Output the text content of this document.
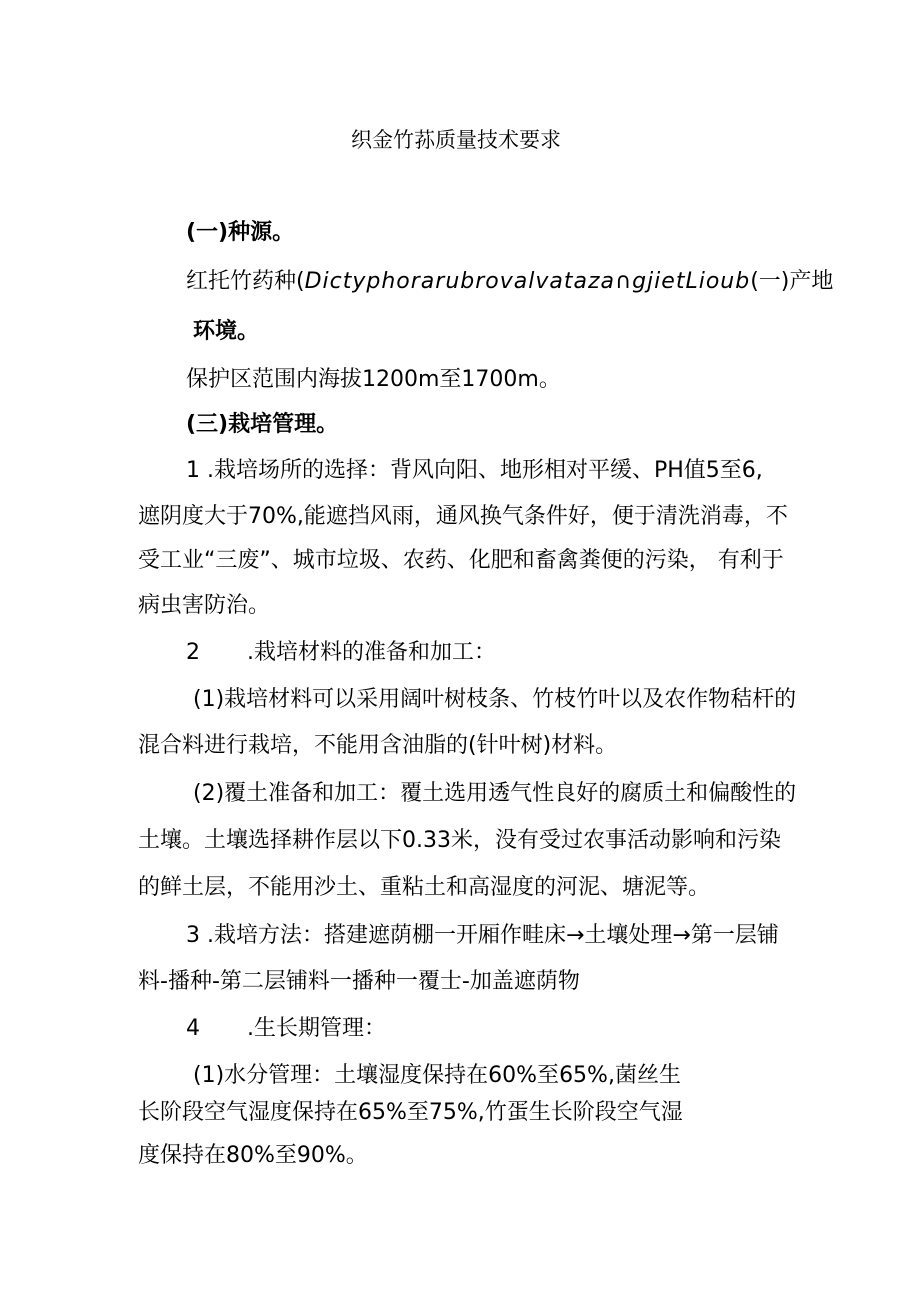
织金竹荪质量技术要求
(一)种源。
红托竹药种(Dictyphorarubrovalvataza∩gjietLioub(一)产地
环境。
保护区范围内海拔1200m至1700m。
(三)栽培管理。
1 .栽培场所的选择：背风向阳、地形相对平缓、PH值5至6,
遮阴度大于70%,能遮挡风雨，通风换气条件好，便于清洗消毒，不
受工业“三废”、城市垃圾、农药、化肥和畜禽粪便的污染， 有利于
病虫害防治。
2 .栽培材料的准备和加工：
(1)栽培材料可以采用阔叶树枝条、竹枝竹叶以及农作物秸杆的
混合料进行栽培，不能用含油脂的(针叶树)材料。
(2)覆土准备和加工：覆土选用透气性良好的腐质土和偏酸性的
土壤。土壤选择耕作层以下0.33米，没有受过农事活动影响和污染
的鲜土层，不能用沙土、重粘土和高湿度的河泥、塘泥等。
3 .栽培方法：搭建遮荫棚一开厢作畦床→土壤处理→第一层铺
料-播种-第二层铺料一播种一覆士-加盖遮荫物
4 .生长期管理：
(1)水分管理：土壤湿度保持在60%至65%,菌丝生
长阶段空气湿度保持在65%至75%,竹蛋生长阶段空气湿
度保持在80%至90%。
